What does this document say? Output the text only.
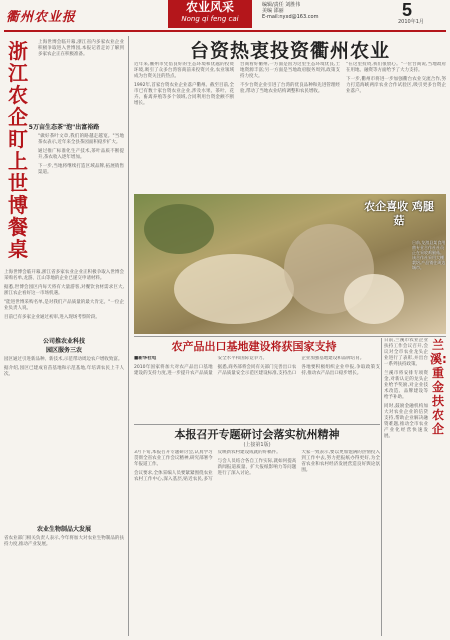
衢州农业报
农业风采
Nong qi feng cai
编辑/责任 刘胜伟
美编 邵丽
E-mail:nyxd@163.com	5
2010年1月
浙
江
农
企
盯
上
世
博
餐
桌
上海世博会临开幕,浙江省内多家农业企业积极争取进入世博园,本报记者走访了解到多家农企正在积极准备。

上海世博会临开幕,浙江省多家农业企业正积极争取入世博会采购名单,龙游、江山等地的企业已递交申请材料。

据悉,世博会园区内每天将有大量游客,对餐饮食材需求巨大,浙江农企看好这一市场机遇。

"能进世博采购名单,是对我们产品质量的最大肯定。"一位企业负责人说。

目前已有多家企业通过初审,进入现场考察阶段。

5万亩生态茶"泡"出富裕路

"做好茶叶文章,我们的路越走越宽。"当地茶农表示,近年来全县茶园面积稳步扩大。

通过推广标准化生产技术,茶叶品质不断提升,茶农收入逐年增加。

下一步,当地将继续打造区域品牌,拓展销售渠道。

公司推农业科技
园区服务三农

园区通过引进新品种、新技术,示范带动周边农户增收致富。

据介绍,园区已建成育苗基地和示范基地,年培训农民上千人次。

农业生物制品大发展

省农业部门相关负责人表示,今年将加大对农业生物制品的扶持力度,推动产业发展。

台资热衷投资衢州农业

近年来,衢州市凭借良好的生态环境和优越的投资环境,吸引了众多台湾客商前来投资兴业,农业领域成为台资关注的热点。

1992年,首家台资农业企业落户衢州。截至目前,全市已有数十家台资农业企业,涉及水果、茶叶、花卉、畜禽养殖等多个领域,合同利用台资金额不断增长。

台商看好衢州,一方面是因为这里生态环境优良,土地资源丰富;另一方面是当地政府服务周到,政策支持力度大。

不少台资企业引进了台湾的优良品种和先进管理经验,带动了当地农业结构调整和农民增收。

"在这里投资,我们很放心。"一位台商说,当地政府在用地、融资等方面给予了大力支持。

下一步,衢州市将进一步加强衢台农业交流合作,努力打造海峡两岸农业合作试验区,吸引更多台资企业落户。

农企喜收 鸡腿菇
日前,龙游县某食用菌专业合作社社员正在采收鸡腿菇。该合作社采用大棚栽培,产品销往周边城市。
农产品出口基地建设将获国家支持

■新华社电

2010年国家将加大对农产品出口基地建设的支持力度,进一步提升农产品质量安全水平和国际竞争力。

据悉,商务部将会同有关部门完善出口农产品质量安全示范区建设标准,支持出口企业加强基地建设和品牌培育。

各地要积极组织企业申报,争取政策支持,推动农产品出口稳步增长。

本报召开专题研讨会落实杭州精神
(上接第1版)

3月下旬,本报召开专题研讨会,认真学习贯彻全省农业工作会议精神,研究部署今年报道工作。

会议要求,全体采编人员要紧紧围绕农业农村工作中心,深入基层,贴近农民,多写反映新农村建设成就的好稿件。

与会人员结合各自工作实际,就如何提高新闻报道质量、扩大报纸影响力等问题进行了深入讨论。

大家一致表示,要以更加饱满的热情投入到工作中去,努力把报纸办得更好,为全省农业和农村经济发展营造良好舆论氛围。

日前,兰溪市农业企业扶持工作会议召开,会议对全市农业龙头企业进行了表彰,并出台一系列扶持政策。

兰溪市将安排专项资金,对新认定的龙头企业给予奖励,对企业技术改造、品牌建设等给予补助。

同时,鼓励金融机构加大对农业企业的信贷支持,帮助企业解决融资难题,推动全市农业产业化经营快速发展。

兰溪:重金扶农企
